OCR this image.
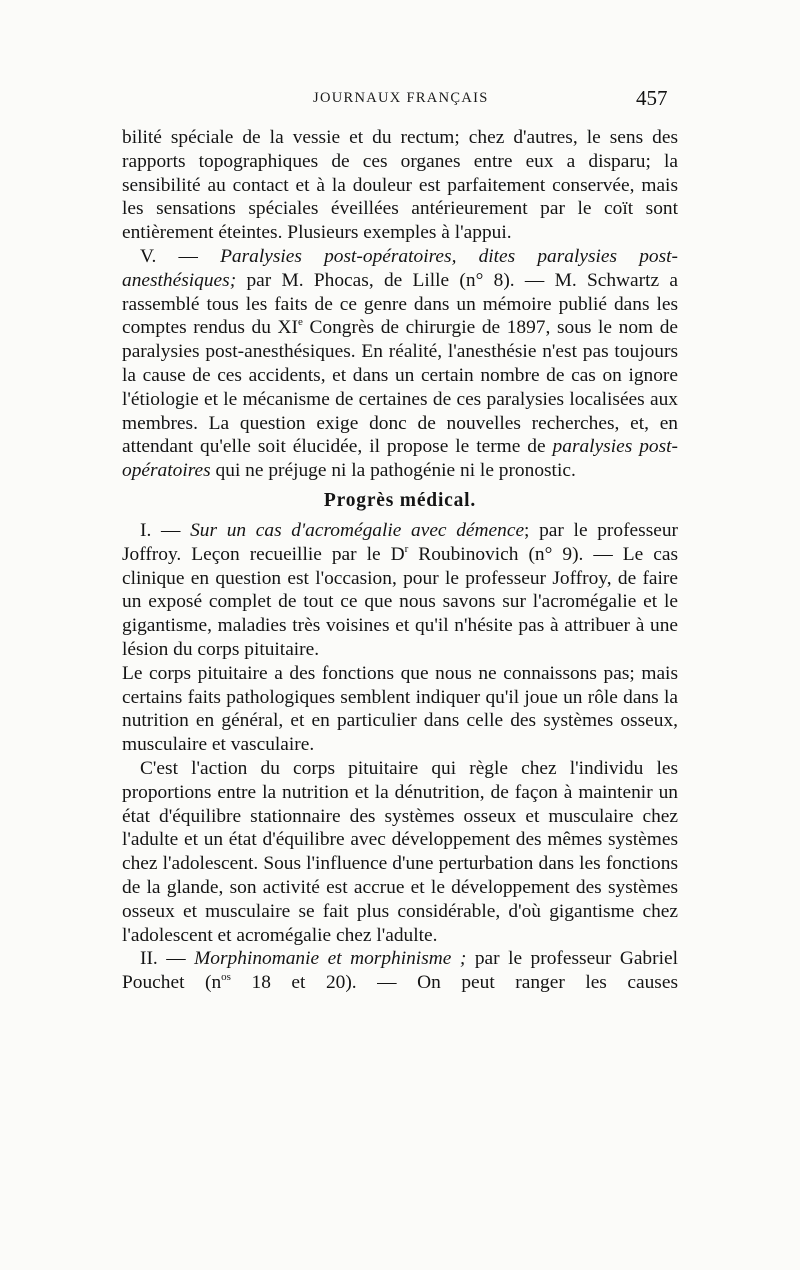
JOURNAUX FRANÇAIS	457

bilité spéciale de la vessie et du rectum; chez d'autres, le sens des rapports topographiques de ces organes entre eux a disparu; la sensibilité au contact et à la douleur est parfaitement conservée, mais les sensations spéciales éveillées antérieurement par le coït sont entièrement éteintes. Plusieurs exemples à l'appui.

V. — Paralysies post-opératoires, dites paralysies post-anesthésiques; par M. Phocas, de Lille (n° 8). — M. Schwartz a rassemblé tous les faits de ce genre dans un mémoire publié dans les comptes rendus du XIe Congrès de chirurgie de 1897, sous le nom de paralysies post-anesthésiques. En réalité, l'anesthésie n'est pas toujours la cause de ces accidents, et dans un certain nombre de cas on ignore l'étiologie et le mécanisme de certaines de ces paralysies localisées aux membres. La question exige donc de nouvelles recherches, et, en attendant qu'elle soit élucidée, il propose le terme de paralysies post-opératoires qui ne préjuge ni la pathogénie ni le pronostic.

Progrès médical.

I. — Sur un cas d'acromégalie avec démence; par le professeur Joffroy. Leçon recueillie par le $D^r$ Roubinovich (n° 9). — Le cas clinique en question est l'occasion, pour le professeur Joffroy, de faire un exposé complet de tout ce que nous savons sur l'acromégalie et le gigantisme, maladies très voisines et qu'il n'hésite pas à attribuer à une lésion du corps pituitaire.

Le corps pituitaire a des fonctions que nous ne connaissons pas; mais certains faits pathologiques semblent indiquer qu'il joue un rôle dans la nutrition en général, et en particulier dans celle des systèmes osseux, musculaire et vasculaire.

C'est l'action du corps pituitaire qui règle chez l'individu les proportions entre la nutrition et la dénutrition, de façon à maintenir un état d'équilibre stationnaire des systèmes osseux et musculaire chez l'adulte et un état d'équilibre avec développement des mêmes systèmes chez l'adolescent. Sous l'influence d'une perturbation dans les fonctions de la glande, son activité est accrue et le développement des systèmes osseux et musculaire se fait plus considérable, d'où gigantisme chez l'adolescent et acromégalie chez l'adulte.

II. — Morphinomanie et morphinisme ; par le professeur Gabriel Pouchet ($n^{os}$ 18 et 20). — On peut ranger les causes
